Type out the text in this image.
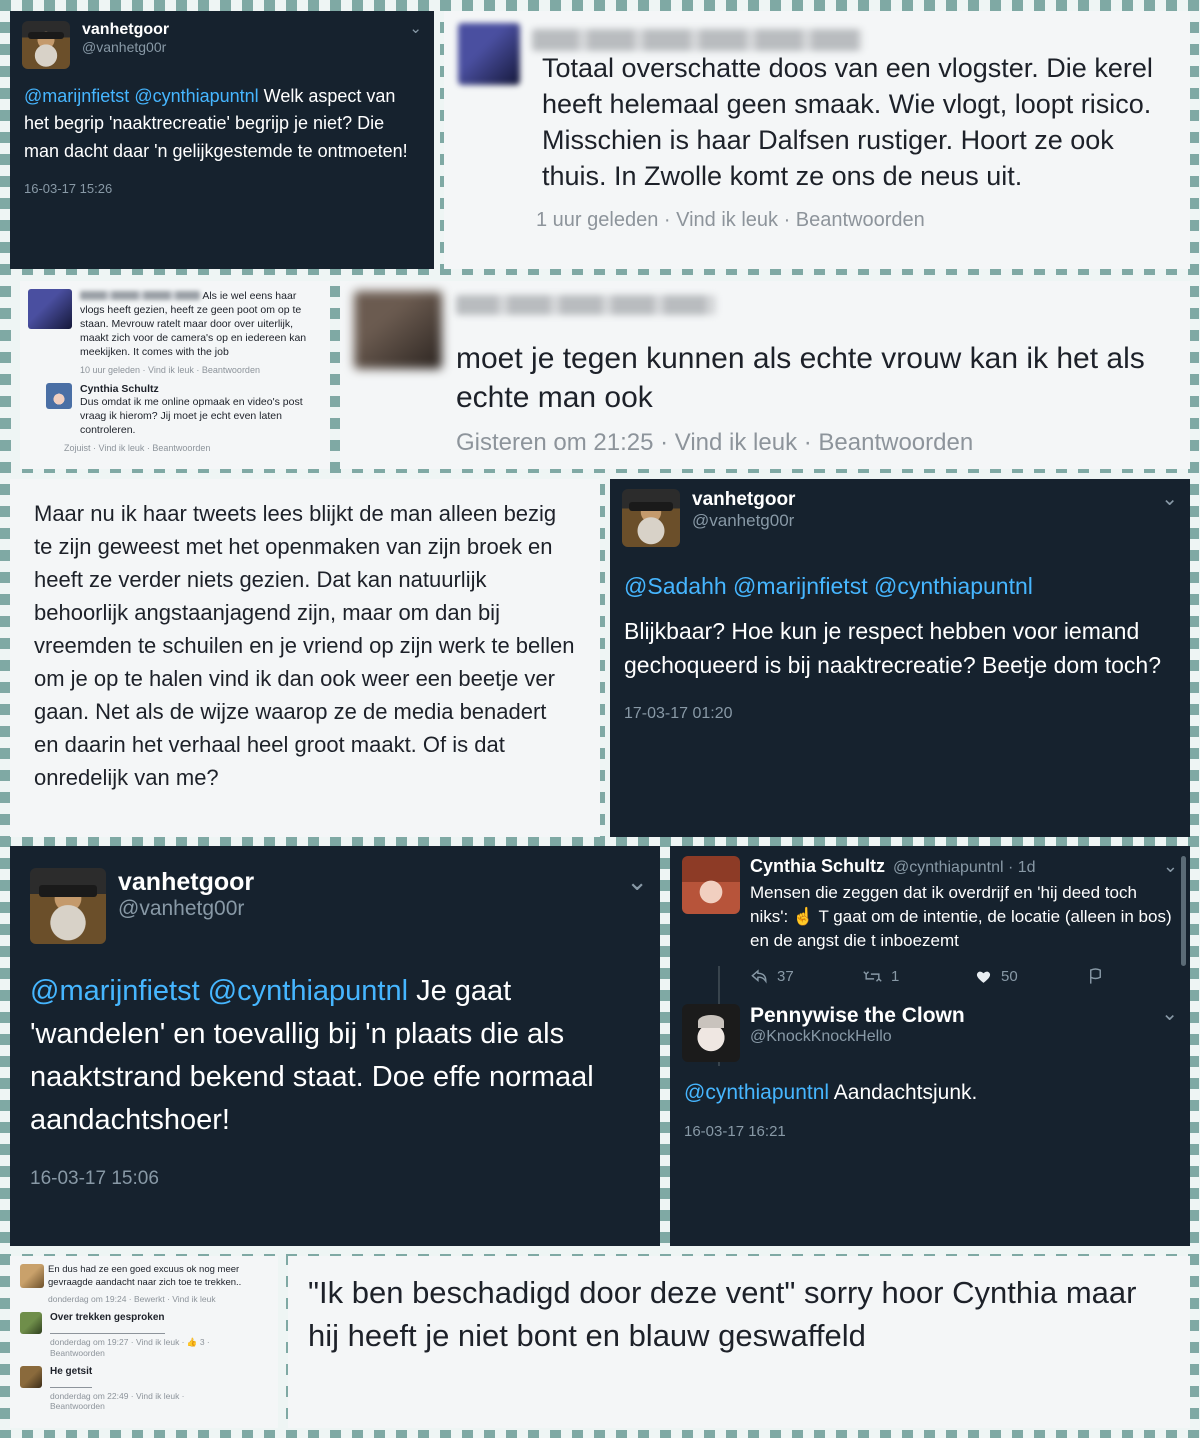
vanhetgoor
@vanhetg00r
⌄
@marijnfietst @cynthiapuntnl Welk aspect van het begrip 'naaktrecreatie' begrijp je niet? Die man dacht daar 'n gelijkgestemde te ontmoeten!
16-03-17 15:26
Totaal overschatte doos van een vlogster. Die kerel heeft helemaal geen smaak. Wie vlogt, loopt risico. Misschien is haar Dalfsen rustiger. Hoort ze ook thuis. In Zwolle komt ze ons de neus uit.
1 uur geleden · Vind ik leuk · Beantwoorden
Als ie wel eens haar vlogs heeft gezien, heeft ze geen poot om op te staan. Mevrouw ratelt maar door over uiterlijk, maakt zich voor de camera's op en iedereen kan meekijken. It comes with the job
10 uur geleden · Vind ik leuk · Beantwoorden
Cynthia Schultz
Dus omdat ik me online opmaak en video's post vraag ik hierom? Jij moet je echt even laten controleren.
Zojuist · Vind ik leuk · Beantwoorden
moet je tegen kunnen als echte vrouw kan ik het als echte man ook
Gisteren om 21:25 · Vind ik leuk · Beantwoorden
Maar nu ik haar tweets lees blijkt de man alleen bezig te zijn geweest met het openmaken van zijn broek en heeft ze verder niets gezien. Dat kan natuurlijk behoorlijk angstaanjagend zijn, maar om dan bij vreemden te schuilen en je vriend op zijn werk te bellen om je op te halen vind ik dan ook weer een beetje ver gaan. Net als de wijze waarop ze de media benadert en daarin het verhaal heel groot maakt. Of is dat onredelijk van me?
vanhetgoor
@vanhetg00r
⌄
@Sadahh @marijnfietst @cynthiapuntnl
Blijkbaar? Hoe kun je respect hebben voor iemand gechoqueerd is bij naaktrecreatie? Beetje dom toch?
17-03-17 01:20
vanhetgoor
@vanhetg00r
⌄
@marijnfietst @cynthiapuntnl Je gaat 'wandelen' en toevallig bij 'n plaats die als naaktstrand bekend staat. Doe effe normaal aandachtshoer!
16-03-17 15:06
Cynthia Schultz @cynthiapuntnl · 1d	⌄
Mensen die zeggen dat ik overdrijf en 'hij deed toch niks': ☝ T gaat om de intentie, de locatie (alleen in bos) en de angst die t inboezemt
37	1	50
Pennywise the Clown
@KnockKnockHello
⌄
@cynthiapuntnl Aandachtsjunk.
16-03-17 16:21
En dus had ze een goed excuus ok nog meer gevraagde aandacht naar zich toe te trekken..
donderdag om 19:24 · Bewerkt · Vind ik leuk
Over trekken gesproken
donderdag om 19:27 · Vind ik leuk · 👍 3 ·
Beantwoorden
He getsit
donderdag om 22:49 · Vind ik leuk ·
Beantwoorden
"Ik ben beschadigd door deze vent" sorry hoor Cynthia maar hij heeft je niet bont en blauw geswaffeld
